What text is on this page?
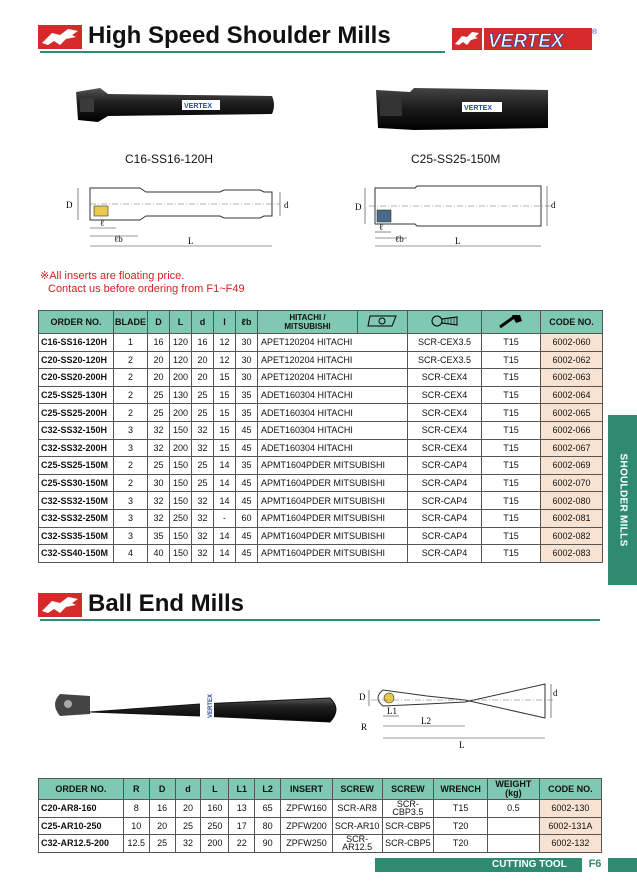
High Speed Shoulder Mills	VERTEX	®
VERTEX	VERTEX
C16-SS16-120H	C25-SS25-150M
D	d
ℓ
ℓb	L
D	d
ℓ
ℓb	L
※All inserts are floating price.
Contact us before ordering from F1~F49
ORDER NO.	BLADE	D	L	d	l	ℓb	HITACHI /
MITSUBISHI				CODE NO.
C16-SS16-120H	1	16	120	16	12	30	APET120204 HITACHI		SCR-CEX3.5	T15	6002-060
C20-SS20-120H	2	20	120	20	12	30	APET120204 HITACHI		SCR-CEX3.5	T15	6002-062
C20-SS20-200H	2	20	200	20	15	30	APET120204 HITACHI		SCR-CEX4	T15	6002-063
C25-SS25-130H	2	25	130	25	15	35	ADET160304 HITACHI		SCR-CEX4	T15	6002-064
C25-SS25-200H	2	25	200	25	15	35	ADET160304 HITACHI		SCR-CEX4	T15	6002-065
C32-SS32-150H	3	32	150	32	15	45	ADET160304 HITACHI		SCR-CEX4	T15	6002-066
C32-SS32-200H	3	32	200	32	15	45	ADET160304 HITACHI		SCR-CEX4	T15	6002-067
C25-SS25-150M	2	25	150	25	14	35	APMT1604PDER MITSUBISHI		SCR-CAP4	T15	6002-069
C25-SS30-150M	2	30	150	25	14	45	APMT1604PDER MITSUBISHI		SCR-CAP4	T15	6002-070
C32-SS32-150M	3	32	150	32	14	45	APMT1604PDER MITSUBISHI		SCR-CAP4	T15	6002-080
C32-SS32-250M	3	32	250	32	-	60	APMT1604PDER MITSUBISHI		SCR-CAP4	T15	6002-081
C32-SS35-150M	3	35	150	32	14	45	APMT1604PDER MITSUBISHI		SCR-CAP4	T15	6002-082
C32-SS40-150M	4	40	150	32	14	45	APMT1604PDER MITSUBISHI		SCR-CAP4	T15	6002-083
SHOULDER MILLS
Ball End Mills
VERTEX	D	d
R
L1
L2
L
ORDER NO.	R	D	d	L	L1	L2	INSERT	SCREW	SCREW	WRENCH	WEIGHT
(kg)	CODE NO.
C20-AR8-160	8	16	20	160	13	65	ZPFW160	SCR-AR8	SCR-
CBP3.5	T15	0.5	6002-130
C25-AR10-250	10	20	25	250	17	80	ZPFW200	SCR-AR10	SCR-CBP5	T20		6002-131A
C32-AR12.5-200	12.5	25	32	200	22	90	ZPFW250	SCR-
AR12.5	SCR-CBP5	T20		6002-132
CUTTING TOOL	F6
